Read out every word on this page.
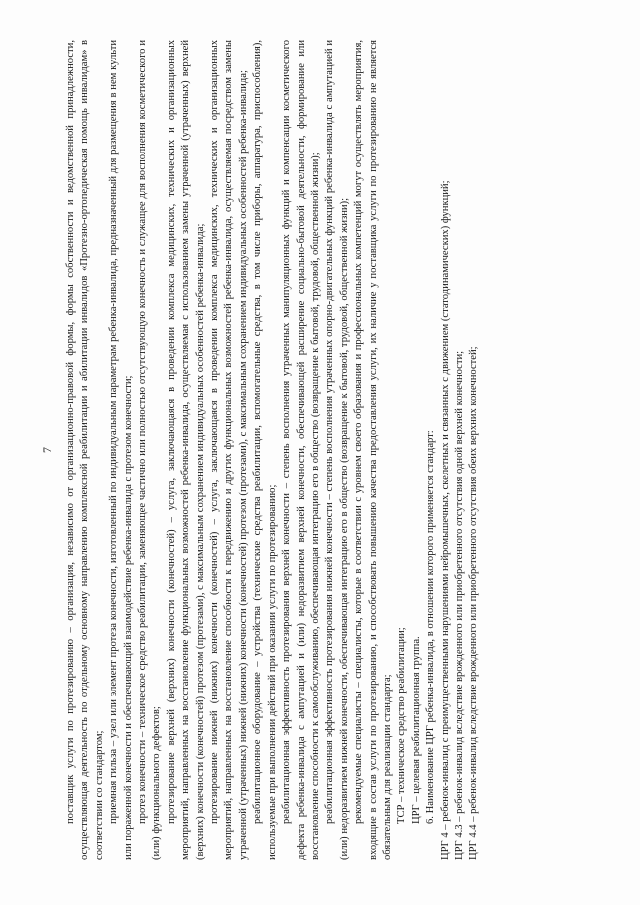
7 поставщик услуги по протезированию – организация, независимо от организационно-правовой формы, формы собственности и ведомственной принадлежности, осуществляющая деятельность по отдельному основному направлению комплексной реабилитации и абилитации инвалидов «Протезно-ортопедическая помощь инвалидам» в соответствии со стандартом; приемная гильза – узел или элемент протеза конечности, изготовленный по индивидуальным параметрам ребенка-инвалида, предназначенный для размещения в нем культи или пораженной конечности и обеспечивающий взаимодействие ребенка-инвалида с протезом конечности; протез конечности – техническое средство реабилитации, заменяющее частично или полностью отсутствующую конечность и служащее для восполнения косметического и (или) функционального дефектов; протезирование верхней (верхних) конечности (конечностей) – услуга, заключающаяся в проведении комплекса медицинских, технических и организационных мероприятий, направленных на восстановление функциональных возможностей ребенка-инвалида, осуществляемая с использованием замены утраченной (утраченных) верхней (верхних) конечности (конечностей) протезом (протезами), с максимальным сохранением индивидуальных особенностей ребенка-инвалида; протезирование нижней (нижних) конечности (конечностей) – услуга, заключающаяся в проведении комплекса медицинских, технических и организационных мероприятий, направленных на восстановление способности к передвижению и других функциональных возможностей ребенка-инвалида, осуществляемая посредством замены утраченной (утраченных) нижней (нижних) конечности (конечностей) протезом (протезами), с максимальным сохранением индивидуальных особенностей ребенка-инвалида; реабилитационное оборудование – устройства (технические средства реабилитации, вспомогательные средства, в том числе приборы, аппаратура, приспособления), используемые при выполнении действий при оказании услуги по протезированию; реабилитационная эффективность протезирования верхней конечности – степень восполнения утраченных манипуляционных функций и компенсации косметического дефекта ребенка-инвалида с ампутацией и (или) недоразвитием верхней конечности, обеспечивающей расширение социально-бытовой деятельности, формирование или восстановление способности к самообслуживанию, обеспечивающая интеграцию его в общество (возвращение к бытовой, трудовой, общественной жизни); реабилитационная эффективность протезирования нижней конечности – степень восполнения утраченных опорно-двигательных функций ребенка-инвалида с ампутацией и (или) недоразвитием нижней конечности, обеспечивающая интеграцию его в общество (возвращение к бытовой, трудовой, общественной жизни); рекомендуемые специалисты – специалисты, которые в соответствии с уровнем своего образования и профессиональных компетенций могут осуществлять мероприятия, входящие в состав услуги по протезированию, и способствовать повышению качества предоставления услуги, их наличие у поставщика услуги по протезированию не является обязательным для реализации стандарта; ТСР – техническое средство реабилитации; ЦРГ – целевая реабилитационная группа. 6. Наименование ЦРГ ребенка-инвалида, в отношении которого применяется стандарт: ЦРГ 4 – ребенок-инвалид с преимущественными нарушениями нейромышечных, скелетных и связанных с движением (статодинамических) функций; ЦРГ 4.3 – ребенок-инвалид вследствие врожденного или приобретенного отсутствия одной верхней конечности; ЦРГ 4.4 – ребенок-инвалид вследствие врожденного или приобретенного отсутствия обеих верхних конечностей;
